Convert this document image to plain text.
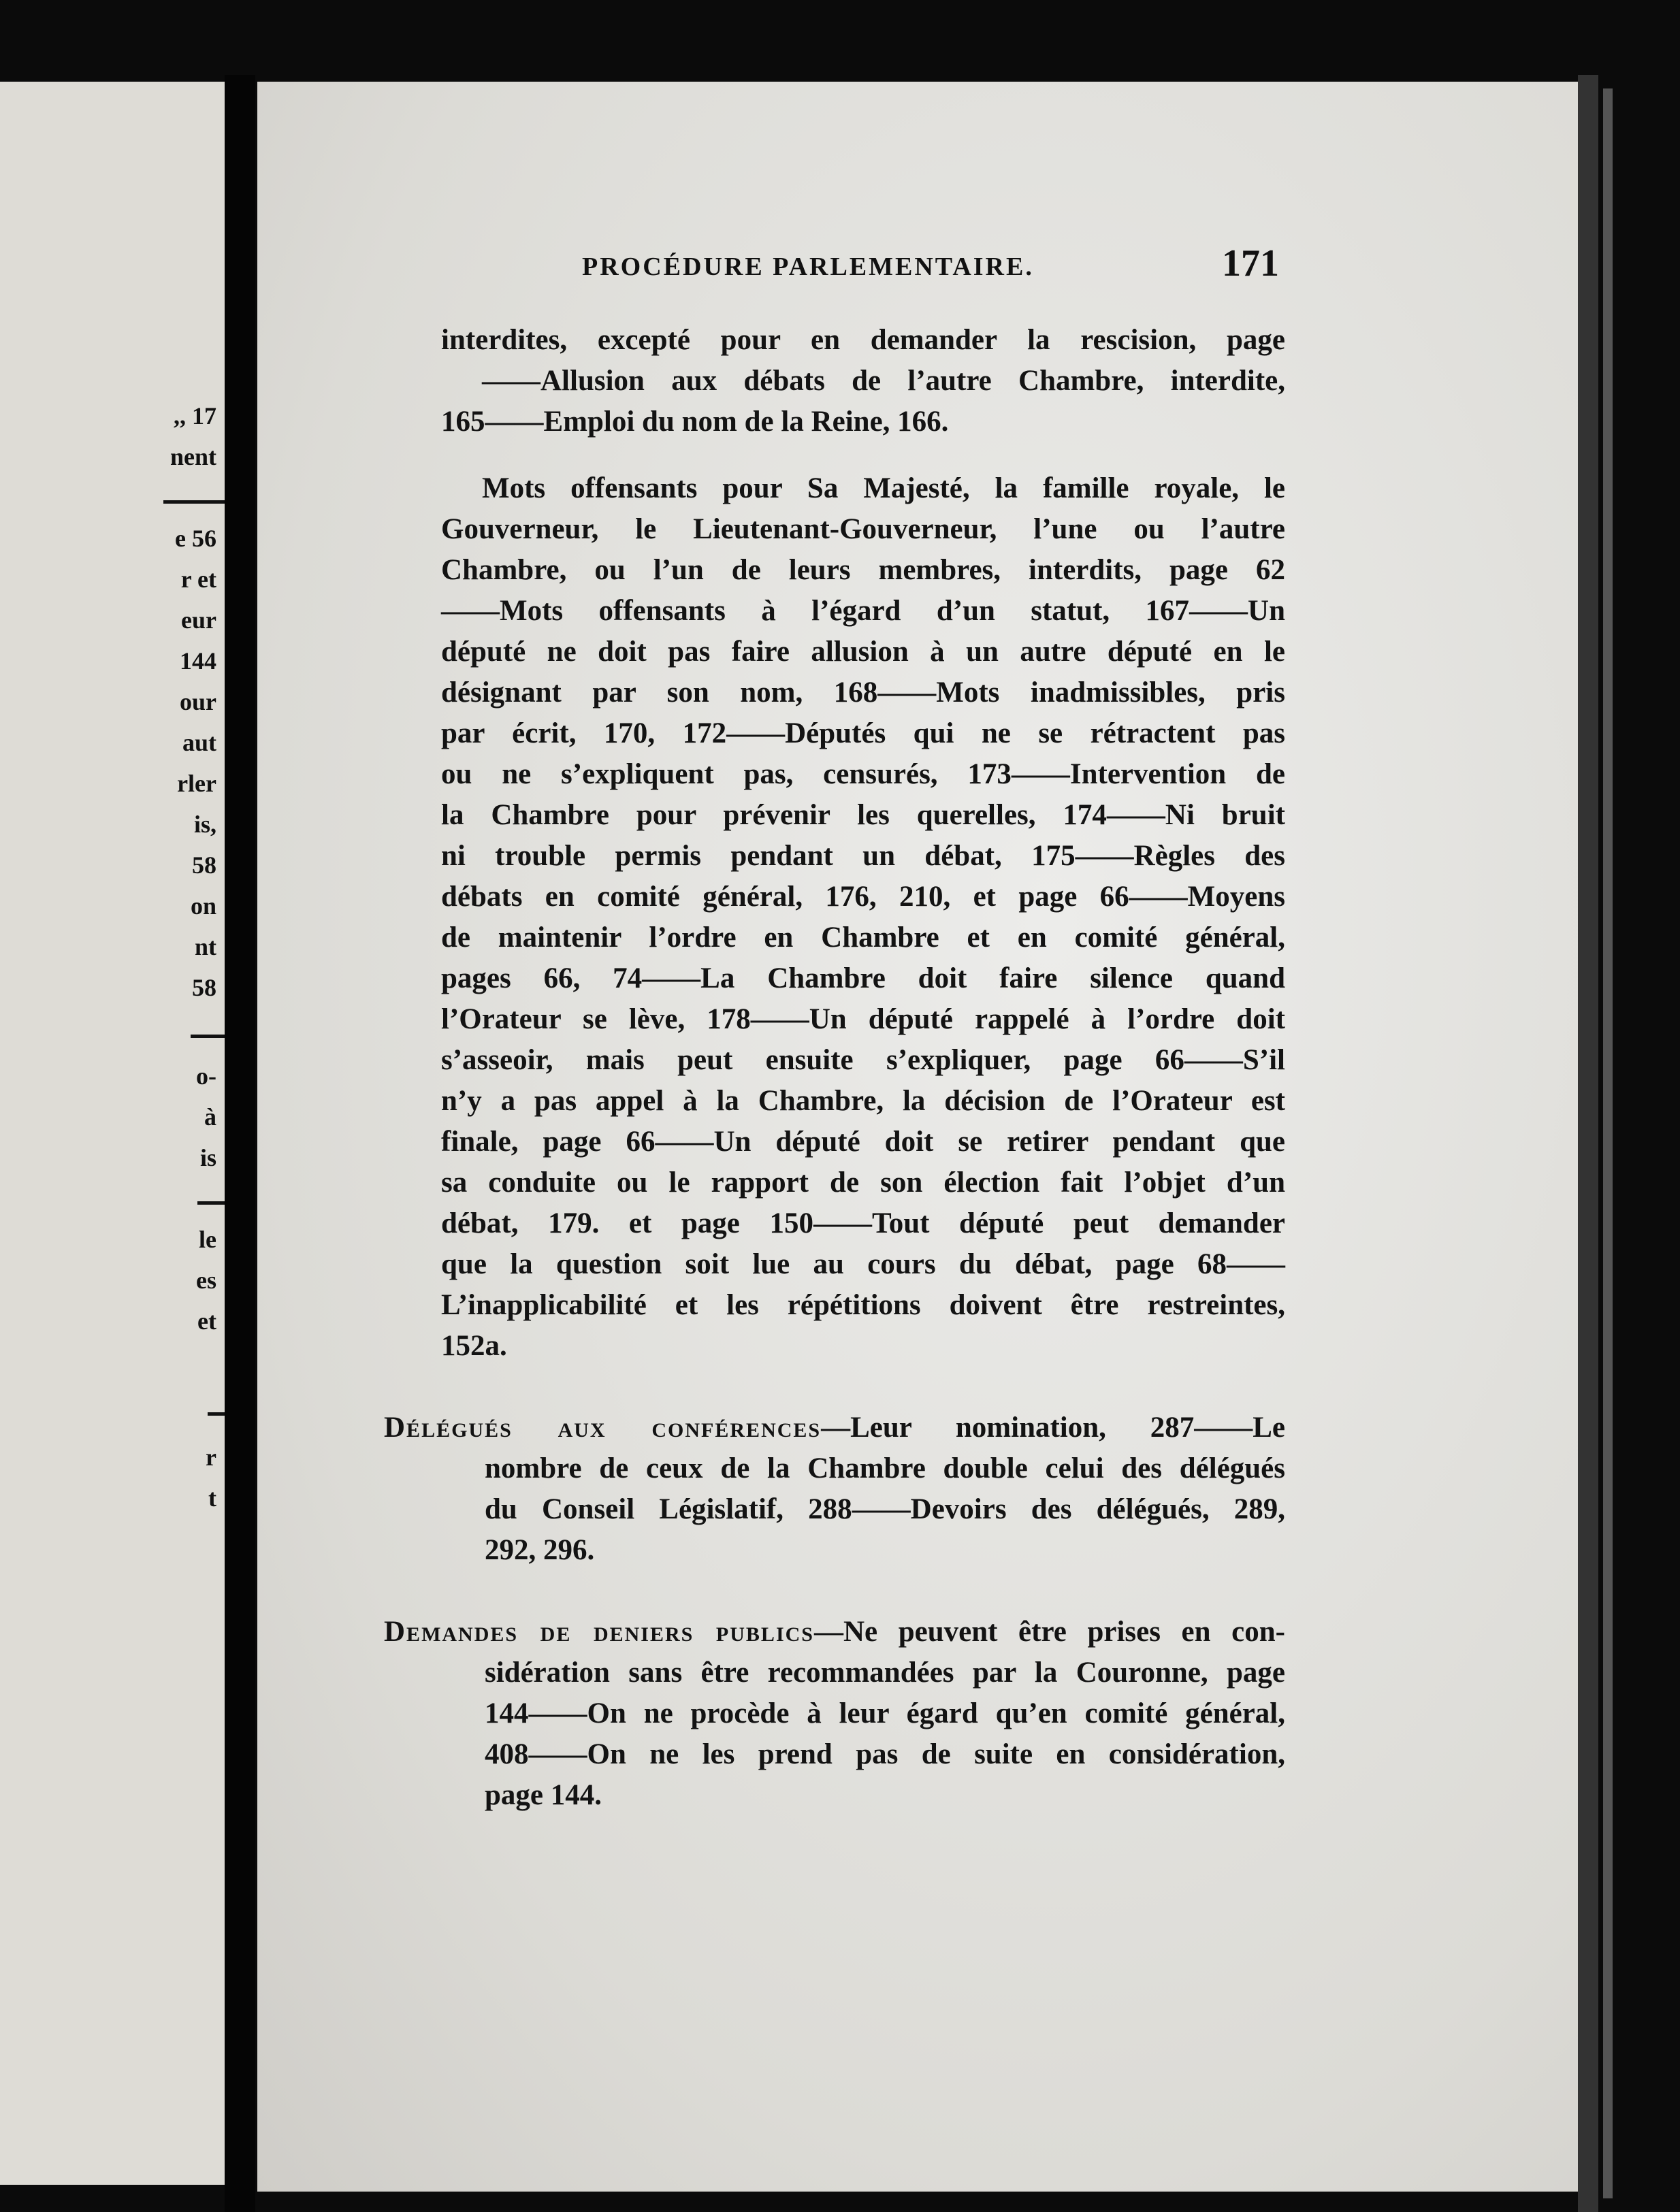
,, 17
nent
e 56
r et
eur
144
our
aut
rler
is,
58
on
nt
58
o-
à
is
le
es
et
r
t
PROCÉDURE PARLEMENTAIRE.	171
interdites, excepté pour en demander la rescision, page
——Allusion aux débats de l’autre Chambre, interdite,
165——Emploi du nom de la Reine, 166.
Mots offensants pour Sa Majesté, la famille royale, le
Gouverneur, le Lieutenant-Gouverneur, l’une ou l’autre
Chambre, ou l’un de leurs membres, interdits, page 62
——Mots offensants à l’égard d’un statut, 167——Un
député ne doit pas faire allusion à un autre député en le
désignant par son nom, 168——Mots inadmissibles, pris
par écrit, 170, 172——Députés qui ne se rétractent pas
ou ne s’expliquent pas, censurés, 173——Intervention de
la Chambre pour prévenir les querelles, 174——Ni bruit
ni trouble permis pendant un débat, 175——Règles des
débats en comité général, 176, 210, et page 66——Moyens
de maintenir l’ordre en Chambre et en comité général,
pages 66, 74——La Chambre doit faire silence quand
l’Orateur se lève, 178——Un député rappelé à l’ordre doit
s’asseoir, mais peut ensuite s’expliquer, page 66——S’il
n’y a pas appel à la Chambre, la décision de l’Orateur est
finale, page 66——Un député doit se retirer pendant que
sa conduite ou le rapport de son élection fait l’objet d’un
débat, 179. et page 150——Tout député peut demander
que la question soit lue au cours du débat, page 68——
L’inapplicabilité et les répétitions doivent être restreintes,
152a.
Délégués aux conférences—Leur nomination, 287——Le
nombre de ceux de la Chambre double celui des délégués
du Conseil Législatif, 288——Devoirs des délégués, 289,
292, 296.
Demandes de deniers publics—Ne peuvent être prises en con-
sidération sans être recommandées par la Couronne, page
144——On ne procède à leur égard qu’en comité général,
408——On ne les prend pas de suite en considération,
page 144.
